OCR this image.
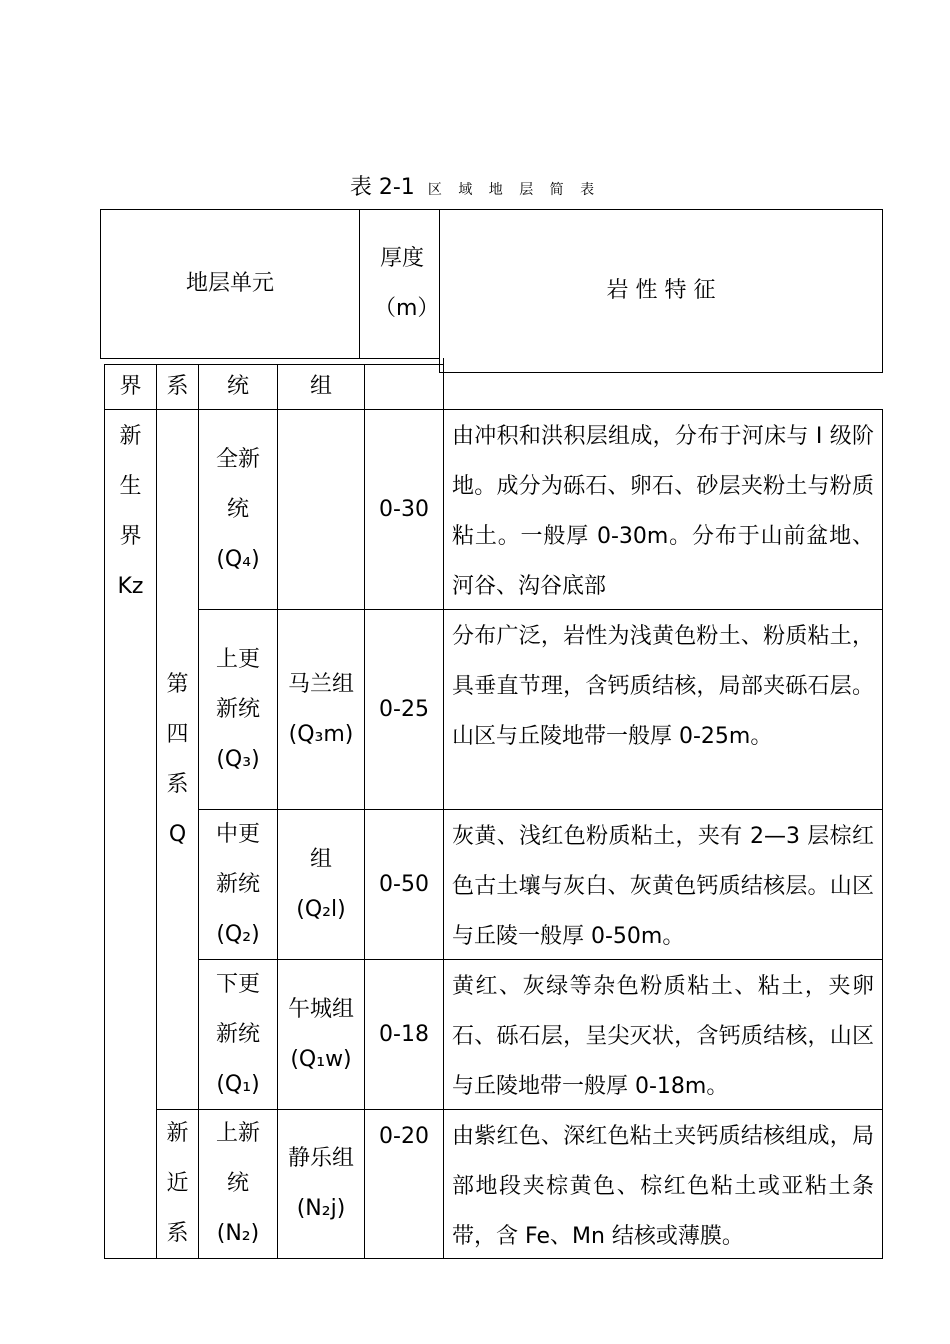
表 2-1 区 域 地 层 简 表
地层单元
厚度（m）
岩 性 特 征
界 系 统	组
新生界Kz
第四系Q
新近系
全新统(Q₄)
0-30
由冲积和洪积层组成，分布于河床与 I 级阶地。成分为砾石、卵石、砂层夹粉土与粉质粘土。一般厚 0-30m。分布于山前盆地、河谷、沟谷底部
上更新统(Q₃)
马兰组(Q₃m)
0-25
分布广泛，岩性为浅黄色粉土、粉质粘土，具垂直节理，含钙质结核，局部夹砾石层。山区与丘陵地带一般厚 0-25m。
中更新统(Q₂)
组(Q₂l)
0-50
灰黄、浅红色粉质粘土，夹有 2—3 层棕红色古土壤与灰白、灰黄色钙质结核层。山区与丘陵一般厚 0-50m。
下更新统(Q₁)
午城组(Q₁w)
0-18
黄红、灰绿等杂色粉质粘土、粘土，夹卵石、砾石层，呈尖灭状，含钙质结核，山区与丘陵地带一般厚 0-18m。
上新统(N₂)
静乐组(N₂j)
0-20 由紫红色、深红色粘土夹钙质结核组成，局部地段夹棕黄色、棕红色粘土或亚粘土条带，含 Fe、Mn 结核或薄膜。
